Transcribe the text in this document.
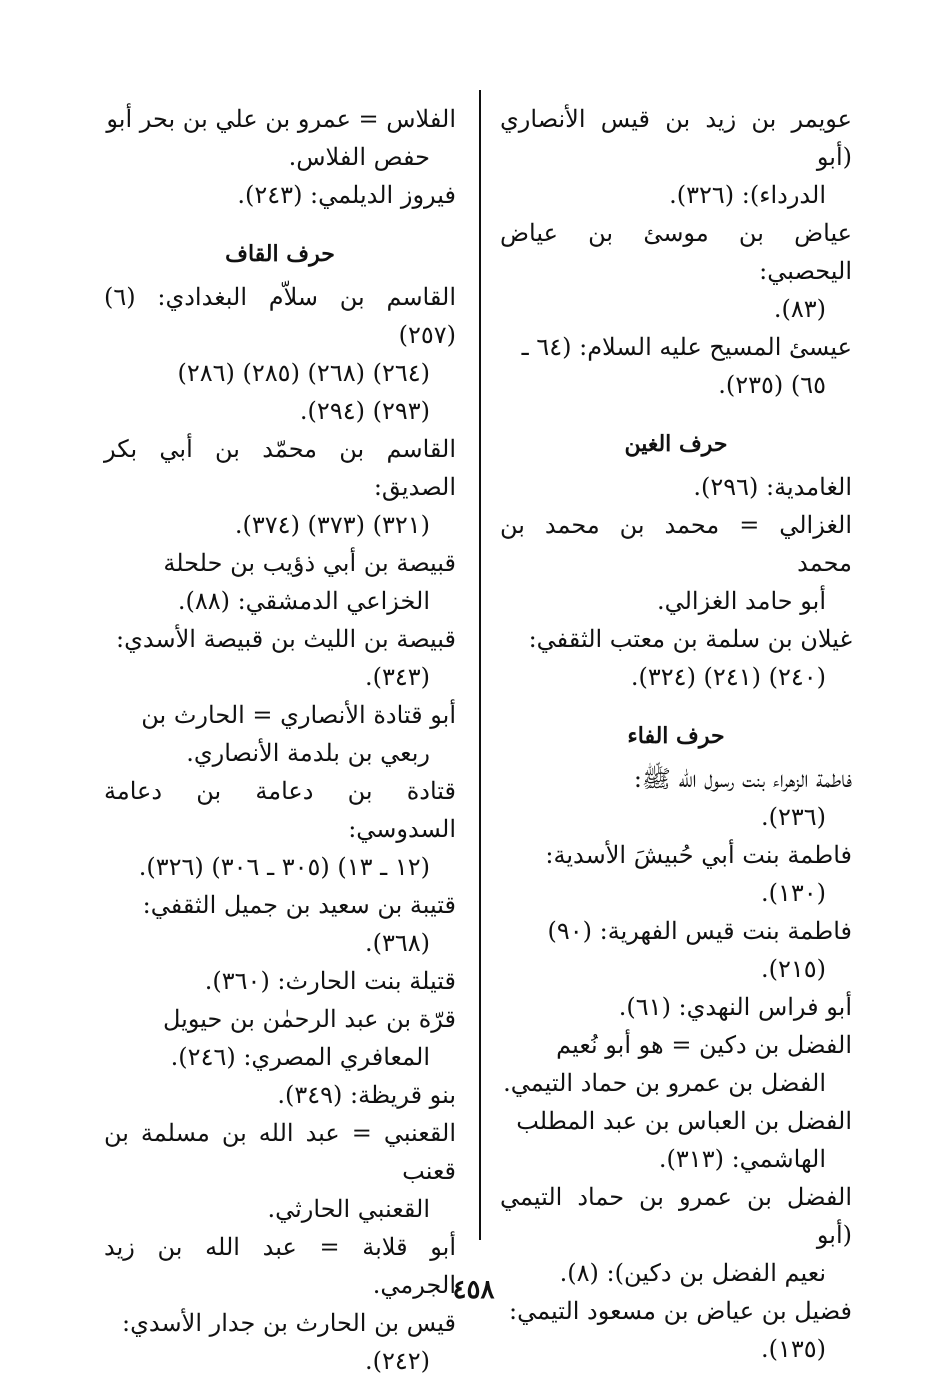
عويمر بن زيد بن قيس الأنصاري (أبو
الدرداء): (٣٢٦).
عياض بن موسئ بن عياض اليحصبي:
(٨٣).
عيسئ المسيح عليه السلام: (٦٤ ـ
٦٥) (٢٣٥).
حرف الغين
الغامدية: (٢٩٦).
الغزالي = محمد بن محمد بن محمد
أبو حامد الغزالي.
غيلان بن سلمة بن معتب الثقفي:
(٢٤٠) (٢٤١) (٣٢٤).
حرف الفاء
فاطمة الزهراء بنت رسول الله ﷺ:
(٢٣٦).
فاطمة بنت أبي حُبيشَ الأسدية:
(١٣٠).
فاطمة بنت قيس الفهرية: (٩٠)
(٢١٥).
أبو فراس النهدي: (٦١).
الفضل بن دكين = هو أبو نُعيم
الفضل بن عمرو بن حماد التيمي.
الفضل بن العباس بن عبد المطلب
الهاشمي: (٣١٣).
الفضل بن عمرو بن حماد التيمي (أبو
نعيم الفضل بن دكين): (٨).
فضيل بن عياض بن مسعود التيمي:
(١٣٥).
الفلاس = عمرو بن علي بن بحر أبو
حفص الفلاس.
فيروز الديلمي: (٢٤٣).
حرف القاف
القاسم بن سلاّم البغدادي: (٦) (٢٥٧)
(٢٦٤) (٢٦٨) (٢٨٥) (٢٨٦)
(٢٩٣) (٢٩٤).
القاسم بن محمّد بن أبي بكر الصديق:
(٣٢١) (٣٧٣) (٣٧٤).
قبيصة بن أبي ذؤيب بن حلحلة
الخزاعي الدمشقي: (٨٨).
قبيصة بن الليث بن قبيصة الأسدي:
(٣٤٣).
أبو قتادة الأنصاري = الحارث بن
ربعي بن بلدمة الأنصاري.
قتادة بن دعامة بن دعامة السدوسي:
(١٢ ـ ١٣) (٣٠٥ ـ ٣٠٦) (٣٢٦).
قتيبة بن سعيد بن جميل الثقفي:
(٣٦٨).
قتيلة بنت الحارث: (٣٦٠).
قرّة بن عبد الرحمٰن بن حيويل
المعافري المصري: (٢٤٦).
بنو قريظة: (٣٤٩).
القعنبي = عبد الله بن مسلمة بن قعنب
القعنبي الحارثي.
أبو قلابة = عبد الله بن زيد الجرمي.
قيس بن الحارث بن جدار الأسدي:
(٢٤٢).
٤٥٨
